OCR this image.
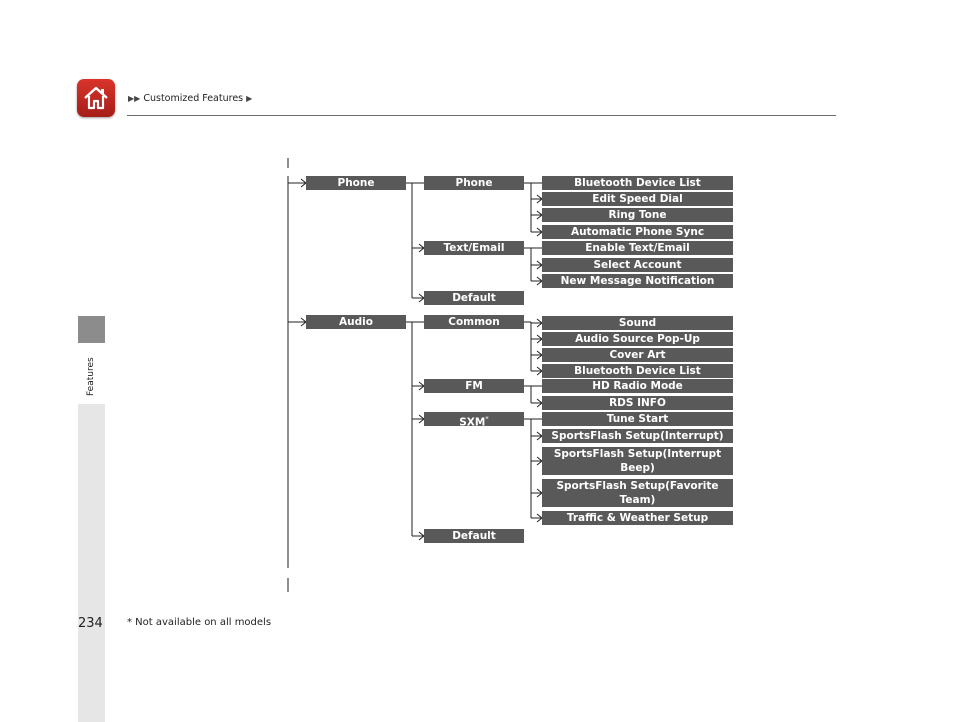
▶▶ Customized Features ▶
Features
234 * Not available on all models
Phone
Audio
Phone
Text/Email
Default
Common
FM
SXM*
Default
Bluetooth Device List
Edit Speed Dial
Ring Tone
Automatic Phone Sync
Enable Text/Email
Select Account
New Message Notification
Sound
Audio Source Pop-Up
Cover Art
Bluetooth Device List
HD Radio Mode
RDS INFO
Tune Start
SportsFlash Setup(Interrupt)
SportsFlash Setup(Interrupt Beep)
SportsFlash Setup(Favorite Team)
Traffic & Weather Setup
